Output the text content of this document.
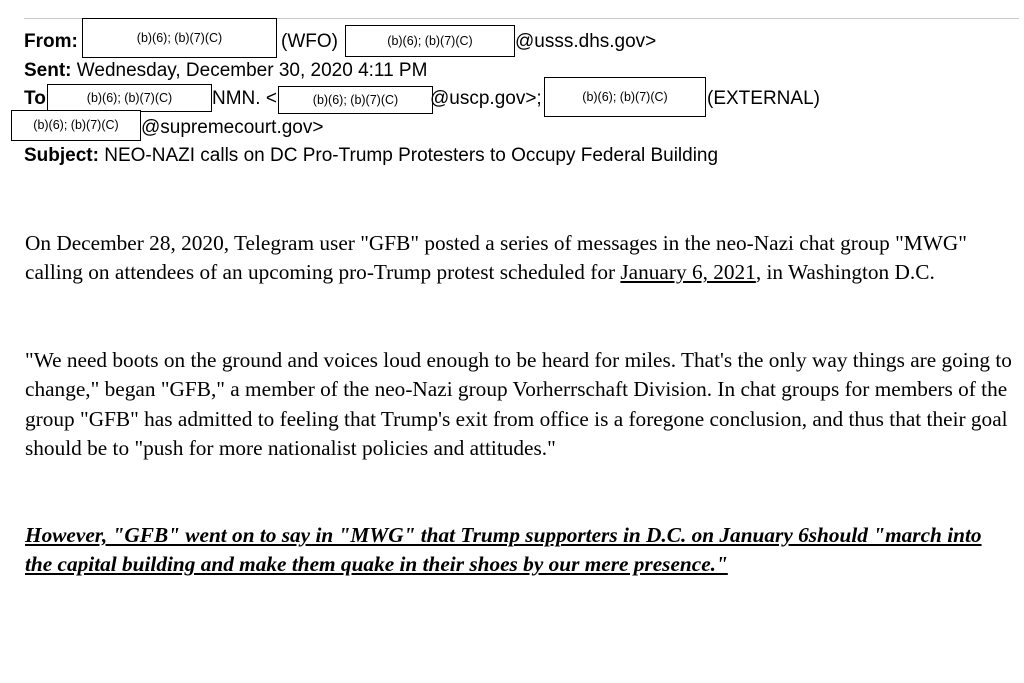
From:	(b)(6); (b)(7)(C)	(WFO)	(b)(6); (b)(7)(C)	@usss.dhs.gov>
Sent: Wednesday, December 30, 2020 4:11 PM
To	(b)(6); (b)(7)(C)	NMN. <	(b)(6); (b)(7)(C)	@uscp.gov>;	(b)(6); (b)(7)(C)	(EXTERNAL)
(b)(6); (b)(7)(C)	@supremecourt.gov>
Subject: NEO-NAZI calls on DC Pro-Trump Protesters to Occupy Federal Building
On December 28, 2020, Telegram user "GFB" posted a series of messages in the neo-Nazi chat group "MWG" calling on attendees of an upcoming pro-Trump protest scheduled for January 6, 2021, in Washington D.C.
"We need boots on the ground and voices loud enough to be heard for miles. That's the only way things are going to change," began "GFB," a member of the neo-Nazi group Vorherrschaft Division. In chat groups for members of the group "GFB" has admitted to feeling that Trump's exit from office is a foregone conclusion, and thus that their goal should be to "push for more nationalist policies and attitudes."
However, "GFB" went on to say in "MWG" that Trump supporters in D.C. on January 6should "march into the capital building and make them quake in their shoes by our mere presence."
